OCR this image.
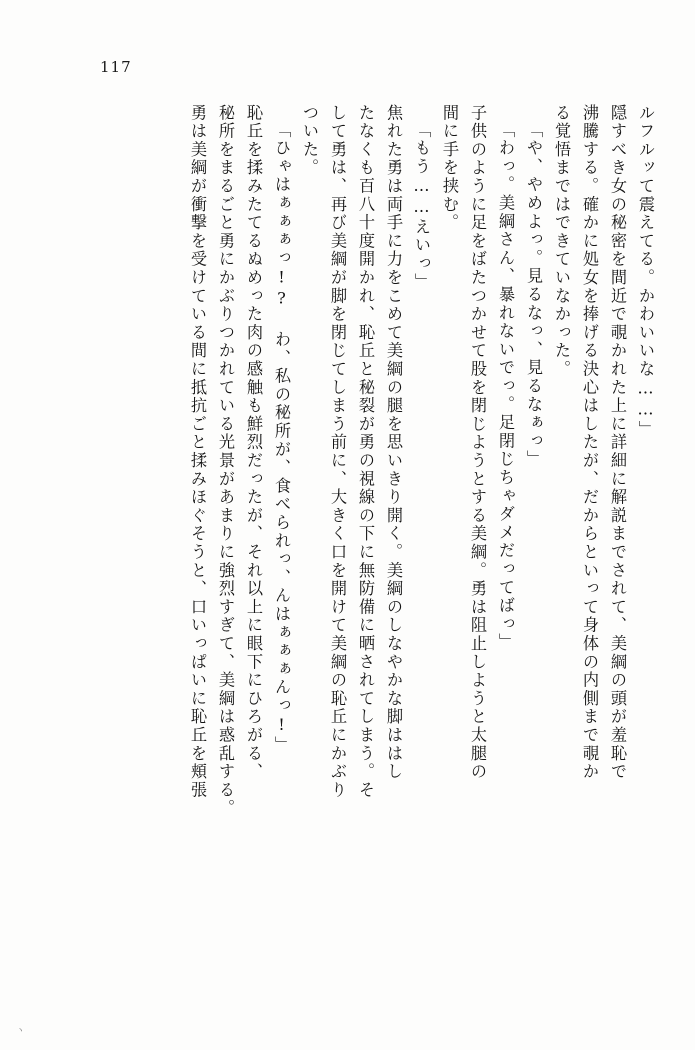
117
ルフルッて震えてる。かわいいな……」
隠すべき女の秘密を間近で覗かれた上に詳細に解説までされて、美綱の頭が羞恥で
沸騰する。確かに処女を捧げる決心はしたが、だからといって身体の内側まで覗か
る覚悟まではできていなかった。
「や、やめよっ。見るなっ、見るなぁっ」
「わっ。美綱さん、暴れないでっ。足閉じちゃダメだってばっ」
子供のように足をばたつかせて股を閉じようとする美綱。勇は阻止しようと太腿の
間に手を挟む。
「もう……えいっ」
焦れた勇は両手に力をこめて美綱の腿を思いきり開く。美綱のしなやかな脚ははし
たなくも百八十度開かれ、恥丘と秘裂が勇の視線の下に無防備に晒されてしまう。そ
して勇は、再び美綱が脚を閉じてしまう前に、大きく口を開けて美綱の恥丘にかぶり
ついた。
「ひゃはぁぁぁっ!? わ、私の秘所が、食べられっ、んはぁぁぁんっ!」
恥丘を揉みたてるぬめった肉の感触も鮮烈だったが、それ以上に眼下にひろがる、
秘所をまるごと勇にかぶりつかれている光景があまりに強烈すぎて、美綱は惑乱する。
勇は美綱が衝撃を受けている間に抵抗ごと揉みほぐそうと、口いっぱいに恥丘を頬張
ヽ
